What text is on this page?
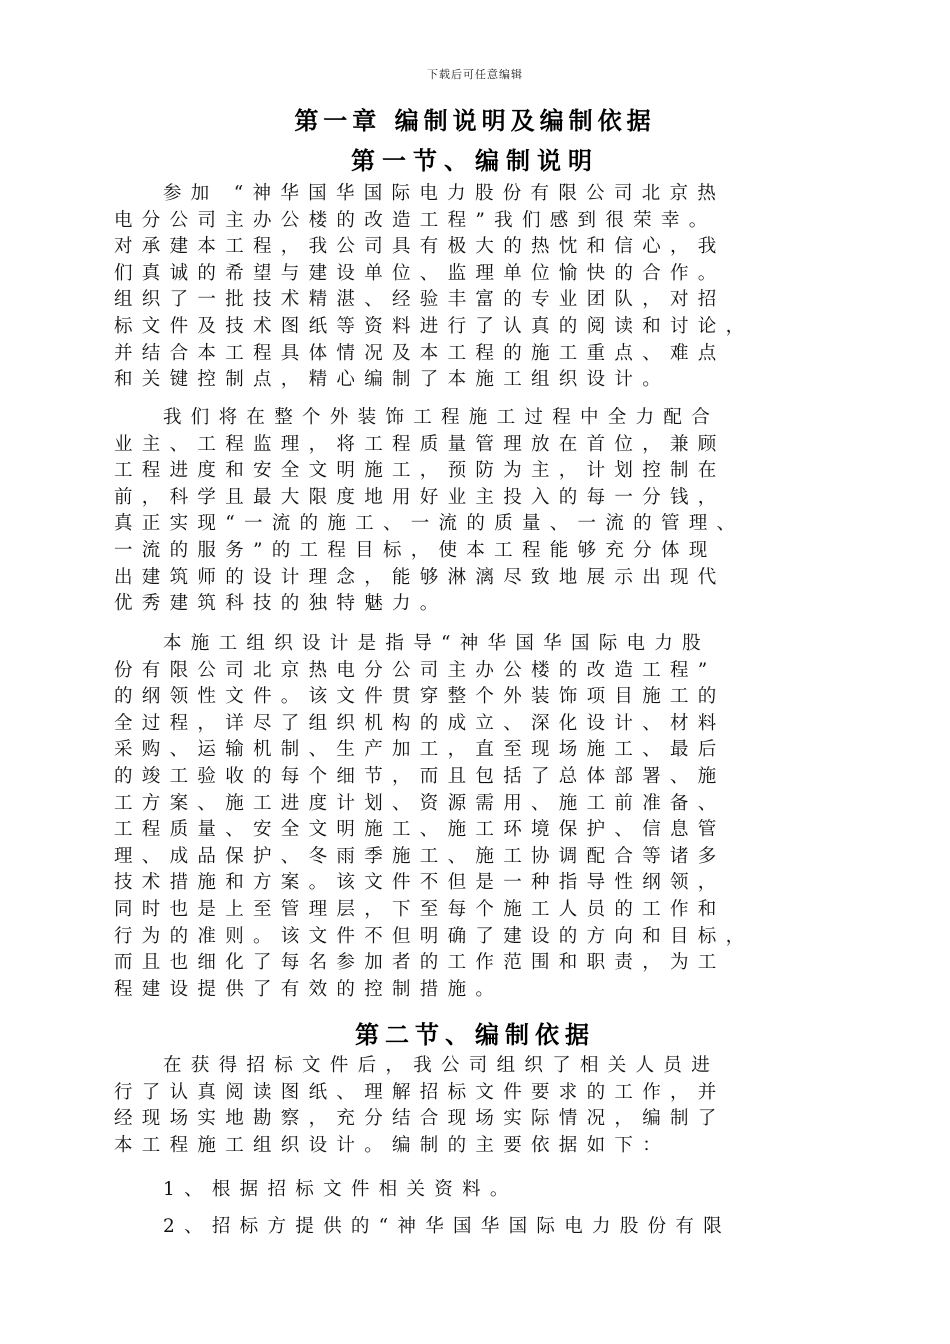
下载后可任意编辑
第一章 编制说明及编制依据
第一节、编制说明
参加 “神华国华国际电力股份有限公司北京热
电分公司主办公楼的改造工程”我们感到很荣幸。
对承建本工程，我公司具有极大的热忱和信心，我
们真诚的希望与建设单位、监理单位愉快的合作。
组织了一批技术精湛、经验丰富的专业团队，对招
标文件及技术图纸等资料进行了认真的阅读和讨论，
并结合本工程具体情况及本工程的施工重点、难点
和关键控制点，精心编制了本施工组织设计。
我们将在整个外装饰工程施工过程中全力配合
业主、工程监理，将工程质量管理放在首位，兼顾
工程进度和安全文明施工，预防为主，计划控制在
前，科学且最大限度地用好业主投入的每一分钱，
真正实现“一流的施工、一流的质量、一流的管理、
一流的服务”的工程目标，使本工程能够充分体现
出建筑师的设计理念，能够淋漓尽致地展示出现代
优秀建筑科技的独特魅力。
本施工组织设计是指导“神华国华国际电力股
份有限公司北京热电分公司主办公楼的改造工程”
的纲领性文件。该文件贯穿整个外装饰项目施工的
全过程，详尽了组织机构的成立、深化设计、材料
采购、运输机制、生产加工，直至现场施工、最后
的竣工验收的每个细节，而且包括了总体部署、施
工方案、施工进度计划、资源需用、施工前准备、
工程质量、安全文明施工、施工环境保护、信息管
理、成品保护、冬雨季施工、施工协调配合等诸多
技术措施和方案。该文件不但是一种指导性纲领，
同时也是上至管理层，下至每个施工人员的工作和
行为的准则。该文件不但明确了建设的方向和目标，
而且也细化了每名参加者的工作范围和职责，为工
程建设提供了有效的控制措施。
第二节、编制依据
在获得招标文件后，我公司组织了相关人员进
行了认真阅读图纸、理解招标文件要求的工作，并
经现场实地勘察，充分结合现场实际情况，编制了
本工程施工组织设计。编制的主要依据如下：
1、根据招标文件相关资料。
2、招标方提供的“神华国华国际电力股份有限
